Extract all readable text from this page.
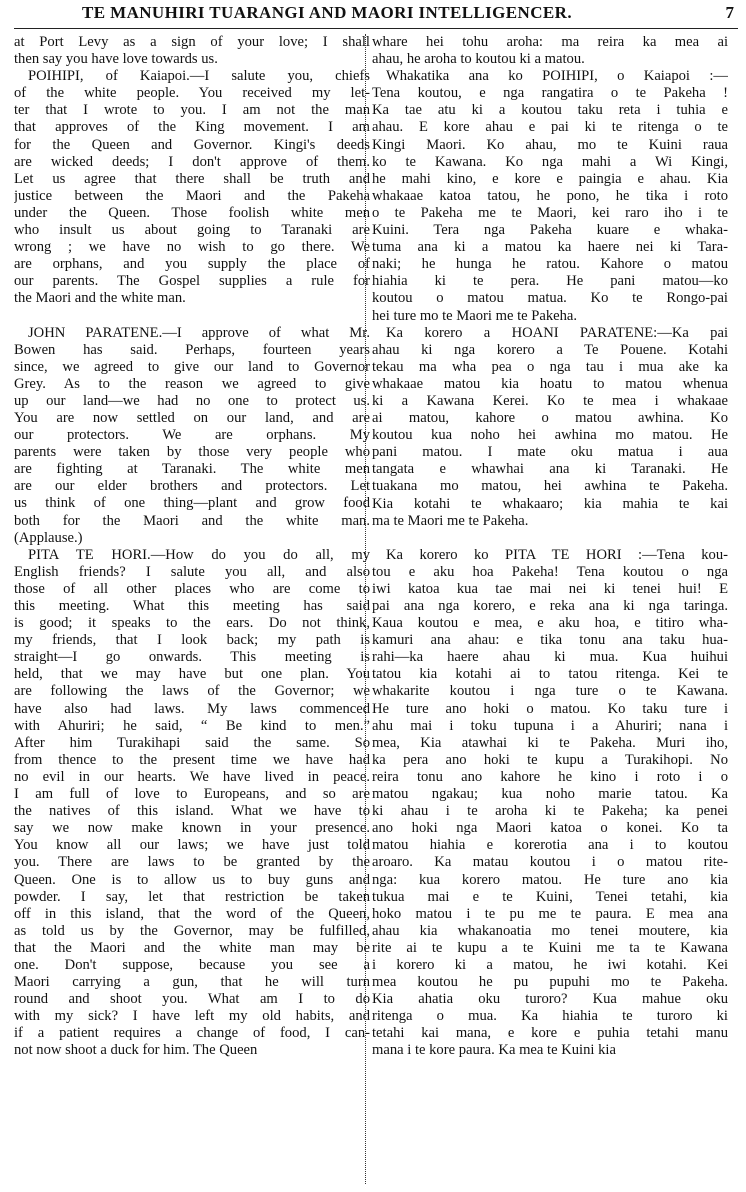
TE MANUHIRI TUARANGI AND MAORI INTELLIGENCER.	7
at Port Levy as a sign of your love; I shall
then say you have love towards us.
POIHIPI, of Kaiapoi.—I salute you, chiefs
of the white people. You received my let-
ter that I wrote to you. I am not the man
that approves of the King movement. I am
for the Queen and Governor. Kingi's deeds
are wicked deeds; I don't approve of them.
Let us agree that there shall be truth and
justice between the Maori and the Pakeha
under the Queen. Those foolish white men
who insult us about going to Taranaki are
wrong ; we have no wish to go there. We
are orphans, and you supply the place of
our parents. The Gospel supplies a rule for
the Maori and the white man.
JOHN PARATENE.—I approve of what Mr.
Bowen has said. Perhaps, fourteen years
since, we agreed to give our land to Governor
Grey. As to the reason we agreed to give
up our land—we had no one to protect us.
You are now settled on our land, and are
our protectors. We are orphans. My
parents were taken by those very people who
are fighting at Taranaki. The white men
are our elder brothers and protectors. Let
us think of one thing—plant and grow food
both for the Maori and the white man.
(Applause.)
PITA TE HORI.—How do you do all, my
English friends? I salute you all, and also
those of all other places who are come to
this meeting. What this meeting has said
is good; it speaks to the ears. Do not think,
my friends, that I look back; my path is
straight—I go onwards. This meeting is
held, that we may have but one plan. You
are following the laws of the Governor; we
have also had laws. My laws commenced
with Ahuriri; he said, “ Be kind to men.”
After him Turakihapi said the same. So
from thence to the present time we have had
no evil in our hearts. We have lived in peace.
I am full of love to Europeans, and so are
the natives of this island. What we have to
say we now make known in your presence.
You know all our laws; we have just told
you. There are laws to be granted by the
Queen. One is to allow us to buy guns and
powder. I say, let that restriction be taken
off in this island, that the word of the Queen,
as told us by the Governor, may be fulfilled,
that the Maori and the white man may be
one. Don't suppose, because you see a
Maori carrying a gun, that he will turn
round and shoot you. What am I to do
with my sick? I have left my old habits, and
if a patient requires a change of food, I can-
not now shoot a duck for him. The Queen
whare hei tohu aroha: ma reira ka mea ai
ahau, he aroha to koutou ki a matou.
Whakatika ana ko POIHIPI, o Kaiapoi :—
Tena koutou, e nga rangatira o te Pakeha !
Ka tae atu ki a koutou taku reta i tuhia e
ahau. E kore ahau e pai ki te ritenga o te
Kingi Maori. Ko ahau, mo te Kuini raua
ko te Kawana. Ko nga mahi a Wi Kingi,
he mahi kino, e kore e paingia e ahau. Kia
whakaae katoa tatou, he pono, he tika i roto
o te Pakeha me te Maori, kei raro iho i te
Kuini. Tera nga Pakeha kuare e whaka-
tuma ana ki a matou ka haere nei ki Tara-
naki; he hunga he ratou. Kahore o matou
hiahia ki te pera. He pani matou—ko
koutou o matou matua. Ko te Rongo-pai
hei ture mo te Maori me te Pakeha.
Ka korero a HOANI PARATENE:—Ka pai
ahau ki nga korero a Te Pouene. Kotahi
tekau ma wha pea o nga tau i mua ake ka
whakaae matou kia hoatu to matou whenua
ki a Kawana Kerei. Ko te mea i whakaae
ai matou, kahore o matou awhina. Ko
koutou kua noho hei awhina mo matou. He
pani matou. I mate oku matua i aua
tangata e whawhai ana ki Taranaki. He
tuakana mo matou, hei awhina te Pakeha.
Kia kotahi te whakaaro; kia mahia te kai
ma te Maori me te Pakeha.
Ka korero ko PITA TE HORI :—Tena kou-
tou e aku hoa Pakeha! Tena koutou o nga
iwi katoa kua tae mai nei ki tenei hui! E
pai ana nga korero, e reka ana ki nga taringa.
Kaua koutou e mea, e aku hoa, e titiro wha-
kamuri ana ahau: e tika tonu ana taku hua-
rahi—ka haere ahau ki mua. Kua huihui
tatou kia kotahi ai to tatou ritenga. Kei te
whakarite koutou i nga ture o te Kawana.
He ture ano hoki o matou. Ko taku ture i
ahu mai i toku tupuna i a Ahuriri; nana i
mea, Kia atawhai ki te Pakeha. Muri iho,
ka pera ano hoki te kupu a Turakihopi. No
reira tonu ano kahore he kino i roto i o
matou ngakau; kua noho marie tatou. Ka
ki ahau i te aroha ki te Pakeha; ka penei
ano hoki nga Maori katoa o konei. Ko ta
matou hiahia e korerotia ana i to koutou
aroaro. Ka matau koutou i o matou rite-
nga: kua korero matou. He ture ano kia
tukua mai e te Kuini, Tenei tetahi, kia
hoko matou i te pu me te paura. E mea ana
ahau kia whakanoatia mo tenei moutere, kia
rite ai te kupu a te Kuini me ta te Kawana
i korero ki a matou, he iwi kotahi. Kei
mea koutou he pu pupuhi mo te Pakeha.
Kia ahatia oku turoro? Kua mahue oku
ritenga o mua. Ka hiahia te turoro ki
tetahi kai mana, e kore e puhia tetahi manu
mana i te kore paura. Ka mea te Kuini kia
